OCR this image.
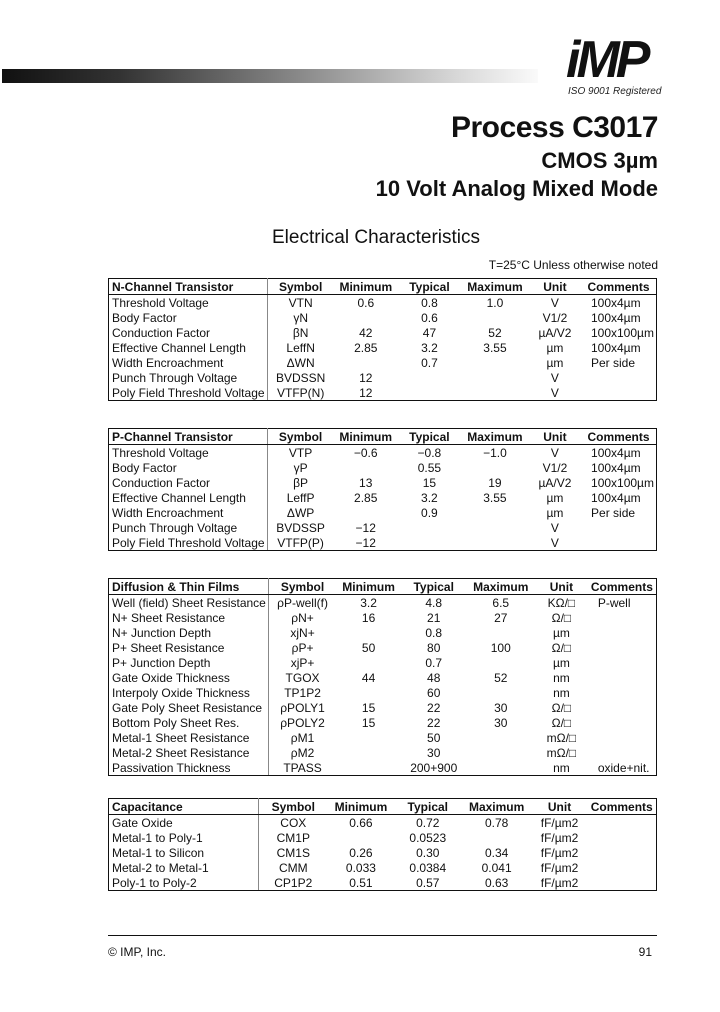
iMP
ISO 9001 Registered
Process C3017
CMOS 3µm
10 Volt Analog Mixed Mode
Electrical Characteristics
T=25°C Unless otherwise noted
N-Channel Transistor	Symbol	Minimum	Typical	Maximum	Unit	Comments
Threshold Voltage	VTN	0.6	0.8	1.0	V	100x4µm
Body Factor	γN		0.6		V1/2	100x4µm
Conduction Factor	βN	42	47	52	µA/V2	100x100µm
Effective Channel Length	LeffN	2.85	3.2	3.55	µm	100x4µm
Width Encroachment	ΔWN		0.7		µm	Per side
Punch Through Voltage	BVDSSN	12			V	
Poly Field Threshold Voltage	VTFP(N)	12			V	
P-Channel Transistor	Symbol	Minimum	Typical	Maximum	Unit	Comments
Threshold Voltage	VTP	−0.6	−0.8	−1.0	V	100x4µm
Body Factor	γP		0.55		V1/2	100x4µm
Conduction Factor	βP	13	15	19	µA/V2	100x100µm
Effective Channel Length	LeffP	2.85	3.2	3.55	µm	100x4µm
Width Encroachment	ΔWP		0.9		µm	Per side
Punch Through Voltage	BVDSSP	−12			V	
Poly Field Threshold Voltage	VTFP(P)	−12			V	
Diffusion & Thin Films	Symbol	Minimum	Typical	Maximum	Unit	Comments
Well (field) Sheet Resistance	ρP-well(f)	3.2	4.8	6.5	KΩ/□	P-well
N+ Sheet Resistance	ρN+	16	21	27	Ω/□	
N+ Junction Depth	xjN+		0.8		µm	
P+ Sheet Resistance	ρP+	50	80	100	Ω/□	
P+ Junction Depth	xjP+		0.7		µm	
Gate Oxide Thickness	TGOX	44	48	52	nm	
Interpoly Oxide Thickness	TP1P2		60		nm	
Gate Poly Sheet Resistance	ρPOLY1	15	22	30	Ω/□	
Bottom Poly Sheet Res.	ρPOLY2	15	22	30	Ω/□	
Metal-1 Sheet Resistance	ρM1		50		mΩ/□	
Metal-2 Sheet Resistance	ρM2		30		mΩ/□	
Passivation Thickness	TPASS		200+900		nm	oxide+nit.
Capacitance	Symbol	Minimum	Typical	Maximum	Unit	Comments
Gate Oxide	COX	0.66	0.72	0.78	fF/µm2	
Metal-1 to Poly-1	CM1P		0.0523		fF/µm2	
Metal-1 to Silicon	CM1S	0.26	0.30	0.34	fF/µm2	
Metal-2 to Metal-1	CMM	0.033	0.0384	0.041	fF/µm2	
Poly-1 to Poly-2	CP1P2	0.51	0.57	0.63	fF/µm2	
© IMP, Inc.	91
